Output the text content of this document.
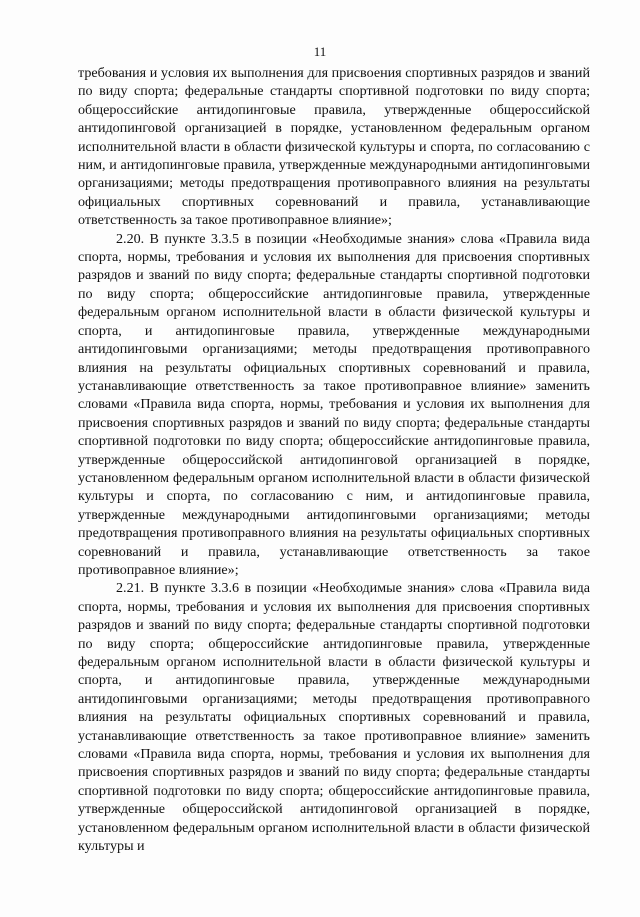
11

требования и условия их выполнения для присвоения спортивных разрядов и званий по виду спорта; федеральные стандарты спортивной подготовки по виду спорта; общероссийские антидопинговые правила, утвержденные общероссийской антидопинговой организацией в порядке, установленном федеральным органом исполнительной власти в области физической культуры и спорта, по согласованию с ним, и антидопинговые правила, утвержденные международными антидопинговыми организациями; методы предотвращения противоправного влияния на результаты официальных спортивных соревнований и правила, устанавливающие ответственность за такое противоправное влияние»;

2.20. В пункте 3.3.5 в позиции «Необходимые знания» слова «Правила вида спорта, нормы, требования и условия их выполнения для присвоения спортивных разрядов и званий по виду спорта; федеральные стандарты спортивной подготовки по виду спорта; общероссийские антидопинговые правила, утвержденные федеральным органом исполнительной власти в области физической культуры и спорта, и антидопинговые правила, утвержденные международными антидопинговыми организациями; методы предотвращения противоправного влияния на результаты официальных спортивных соревнований и правила, устанавливающие ответственность за такое противоправное влияние» заменить словами «Правила вида спорта, нормы, требования и условия их выполнения для присвоения спортивных разрядов и званий по виду спорта; федеральные стандарты спортивной подготовки по виду спорта; общероссийские антидопинговые правила, утвержденные общероссийской антидопинговой организацией в порядке, установленном федеральным органом исполнительной власти в области физической культуры и спорта, по согласованию с ним, и антидопинговые правила, утвержденные международными антидопинговыми организациями; методы предотвращения противоправного влияния на результаты официальных спортивных соревнований и правила, устанавливающие ответственность за такое противоправное влияние»;

2.21. В пункте 3.3.6 в позиции «Необходимые знания» слова «Правила вида спорта, нормы, требования и условия их выполнения для присвоения спортивных разрядов и званий по виду спорта; федеральные стандарты спортивной подготовки по виду спорта; общероссийские антидопинговые правила, утвержденные федеральным органом исполнительной власти в области физической культуры и спорта, и антидопинговые правила, утвержденные международными антидопинговыми организациями; методы предотвращения противоправного влияния на результаты официальных спортивных соревнований и правила, устанавливающие ответственность за такое противоправное влияние» заменить словами «Правила вида спорта, нормы, требования и условия их выполнения для присвоения спортивных разрядов и званий по виду спорта; федеральные стандарты спортивной подготовки по виду спорта; общероссийские антидопинговые правила, утвержденные общероссийской антидопинговой организацией в порядке, установленном федеральным органом исполнительной власти в области физической культуры и
